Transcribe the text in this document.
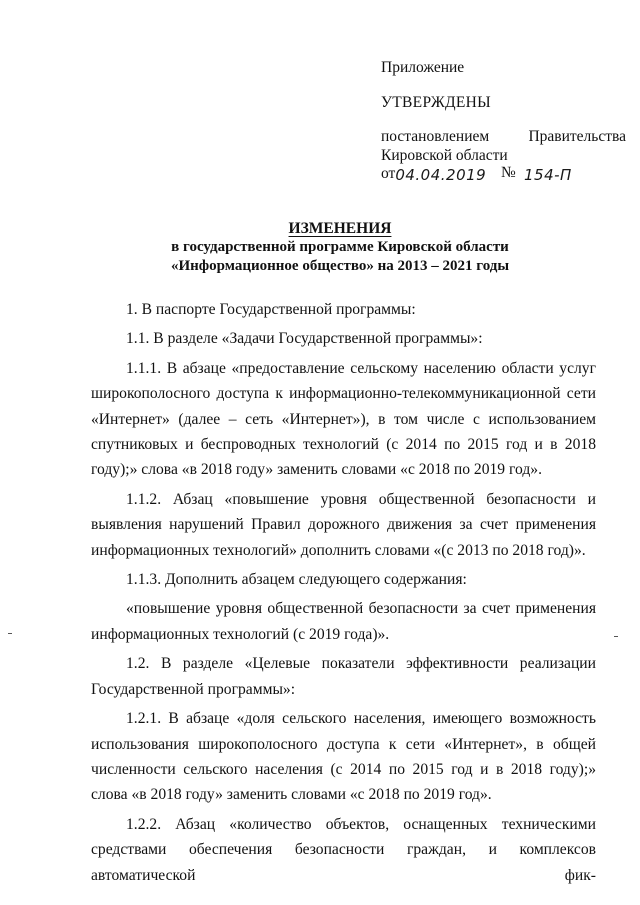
Приложение
УТВЕРЖДЕНЫ
постановлением	Правительства
Кировской области
от04.04.2019 № 154-П
ИЗМЕНЕНИЯ
в государственной программе Кировской области
«Информационное общество» на 2013 – 2021 годы

1. В паспорте Государственной программы:

1.1. В разделе «Задачи Государственной программы»:

1.1.1. В абзаце «предоставление сельскому населению области услуг широкополосного доступа к информационно-телекоммуникационной сети «Интернет» (далее – сеть «Интернет»), в том числе с использованием спутниковых и беспроводных технологий (с 2014 по 2015 год и в 2018 году);» слова «в 2018 году» заменить словами «с 2018 по 2019 год».

1.1.2. Абзац «повышение уровня общественной безопасности и выявления нарушений Правил дорожного движения за счет применения информационных технологий» дополнить словами «(с 2013 по 2018 год)».

1.1.3. Дополнить абзацем следующего содержания:

«повышение уровня общественной безопасности за счет применения информационных технологий (с 2019 года)».

1.2. В разделе «Целевые показатели эффективности реализации Государственной программы»:

1.2.1. В абзаце «доля сельского населения, имеющего возможность использования широкополосного доступа к сети «Интернет», в общей численности сельского населения (с 2014 по 2015 год и в 2018 году);» слова «в 2018 году» заменить словами «с 2018 по 2019 год».

1.2.2. Абзац «количество объектов, оснащенных техническими средствами обеспечения безопасности граждан, и комплексов автоматической фик-
